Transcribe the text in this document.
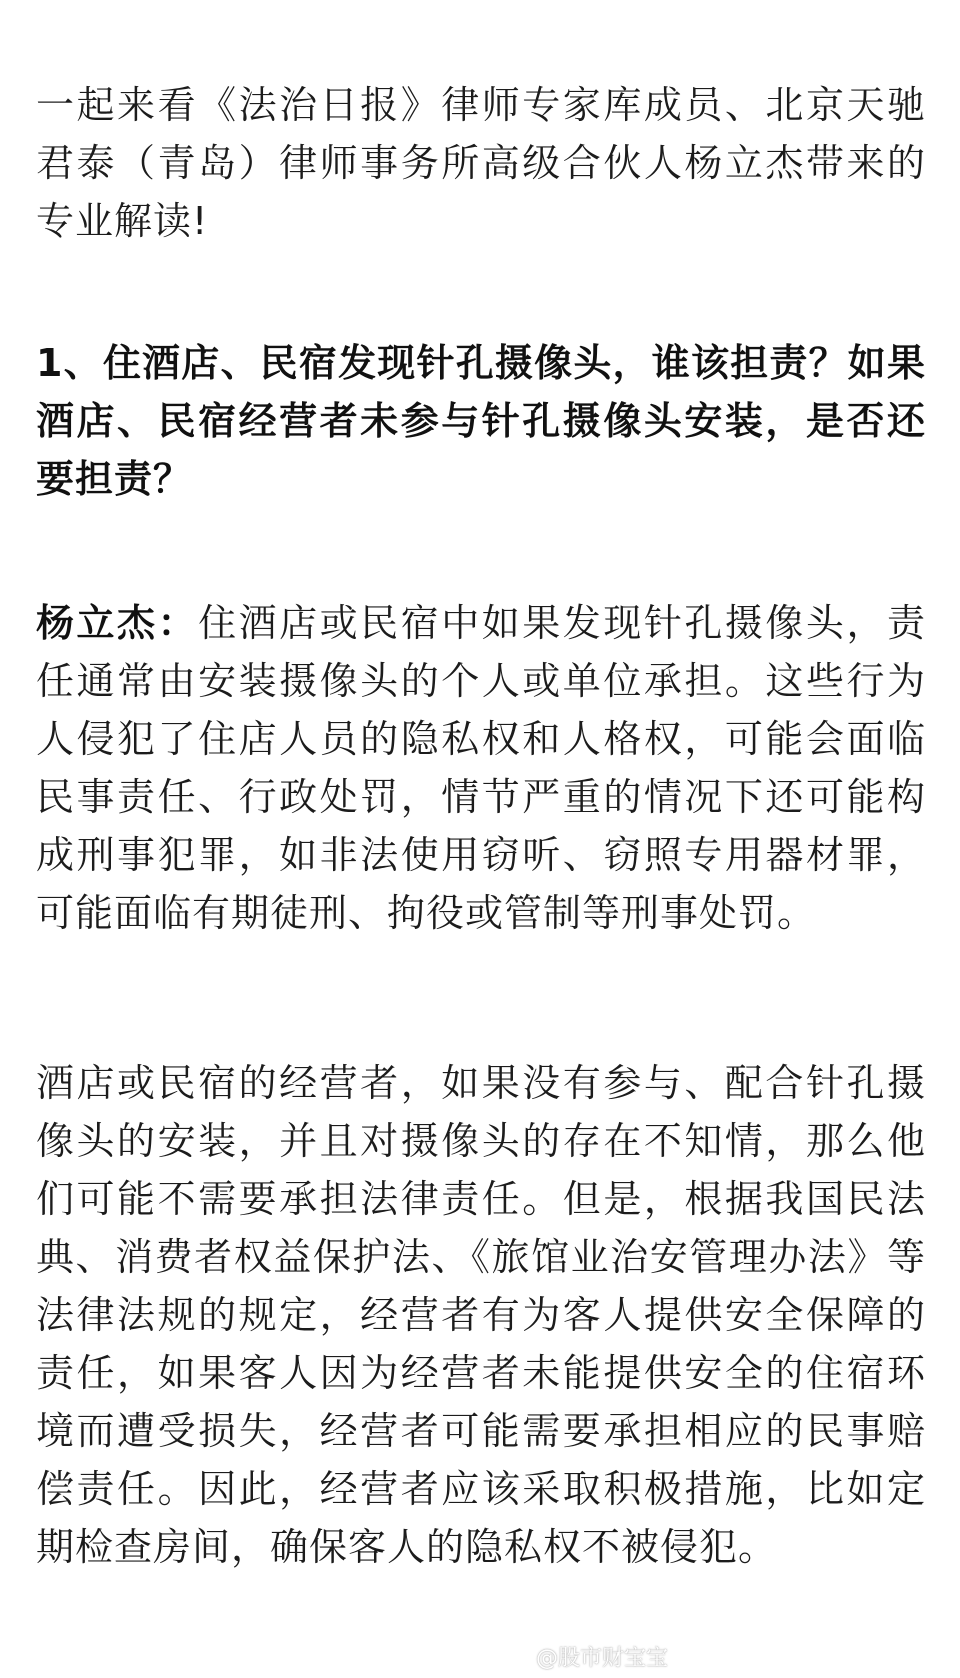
一起来看《法治日报》律师专家库成员、北京天驰君泰（青岛）律师事务所高级合伙人杨立杰带来的专业解读!

1、住酒店、民宿发现针孔摄像头，谁该担责？如果酒店、民宿经营者未参与针孔摄像头安装，是否还要担责？

杨立杰：住酒店或民宿中如果发现针孔摄像头，责任通常由安装摄像头的个人或单位承担。这些行为人侵犯了住店人员的隐私权和人格权，可能会面临民事责任、行政处罚，情节严重的情况下还可能构成刑事犯罪，如非法使用窃听、窃照专用器材罪，可能面临有期徒刑、拘役或管制等刑事处罚。

酒店或民宿的经营者，如果没有参与、配合针孔摄像头的安装，并且对摄像头的存在不知情，那么他们可能不需要承担法律责任。但是，根据我国民法典、消费者权益保护法、《旅馆业治安管理办法》等法律法规的规定，经营者有为客人提供安全保障的责任，如果客人因为经营者未能提供安全的住宿环境而遭受损失，经营者可能需要承担相应的民事赔偿责任。因此，经营者应该采取积极措施，比如定期检查房间，确保客人的隐私权不被侵犯。

@股市财宝宝
